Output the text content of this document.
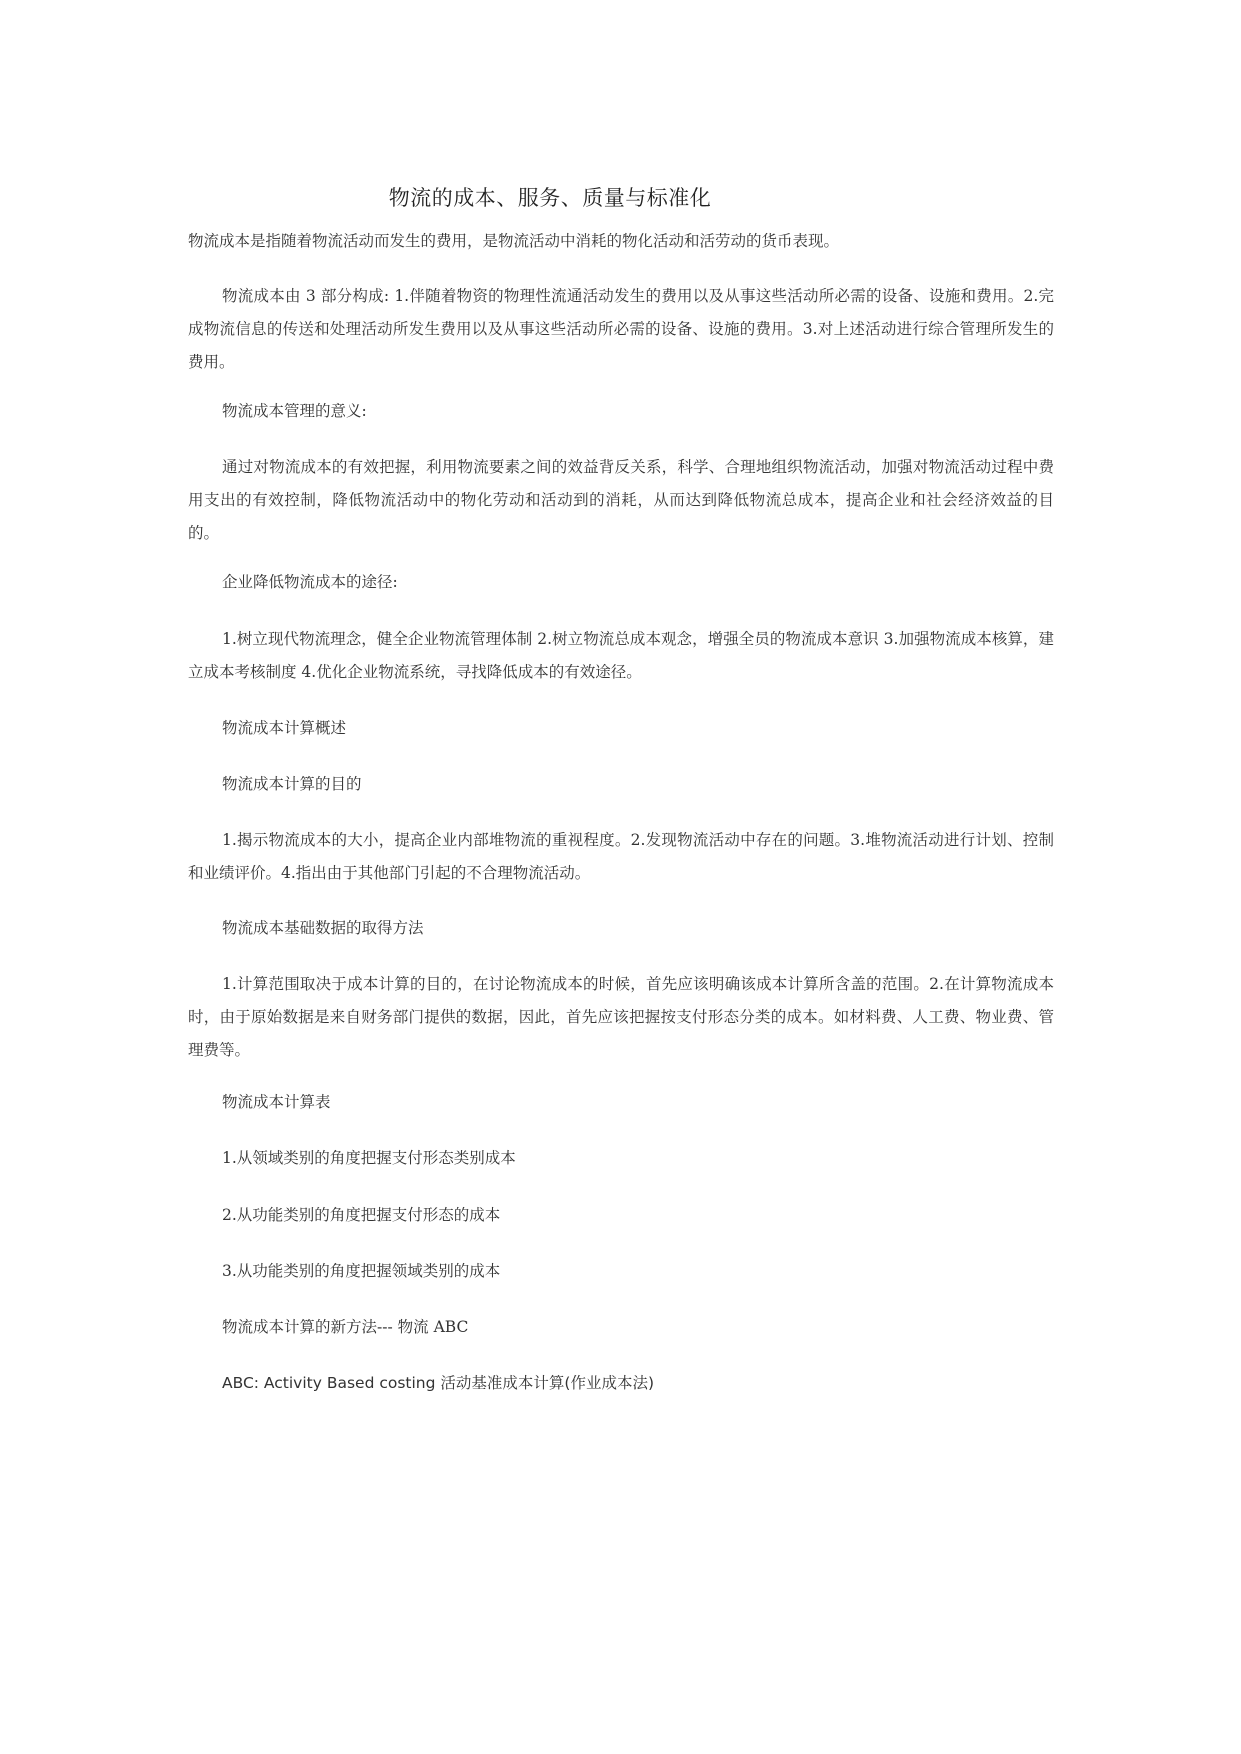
物流的成本、服务、质量与标准化
物流成本是指随着物流活动而发生的费用，是物流活动中消耗的物化活动和活劳动的货币表现。
物流成本由 3 部分构成: 1.伴随着物资的物理性流通活动发生的费用以及从事这些活动所必需的设备、设施和费用。2.完成物流信息的传送和处理活动所发生费用以及从事这些活动所必需的设备、设施的费用。3.对上述活动进行综合管理所发生的费用。
物流成本管理的意义:
通过对物流成本的有效把握，利用物流要素之间的效益背反关系，科学、合理地组织物流活动，加强对物流活动过程中费用支出的有效控制，降低物流活动中的物化劳动和活动到的消耗，从而达到降低物流总成本，提高企业和社会经济效益的目的。
企业降低物流成本的途径:
1.树立现代物流理念，健全企业物流管理体制 2.树立物流总成本观念，增强全员的物流成本意识 3.加强物流成本核算，建立成本考核制度 4.优化企业物流系统，寻找降低成本的有效途径。
物流成本计算概述
物流成本计算的目的
1.揭示物流成本的大小，提高企业内部堆物流的重视程度。2.发现物流活动中存在的问题。3.堆物流活动进行计划、控制和业绩评价。4.指出由于其他部门引起的不合理物流活动。
物流成本基础数据的取得方法
1.计算范围取决于成本计算的目的，在讨论物流成本的时候，首先应该明确该成本计算所含盖的范围。2.在计算物流成本时，由于原始数据是来自财务部门提供的数据，因此，首先应该把握按支付形态分类的成本。如材料费、人工费、物业费、管理费等。
物流成本计算表
1.从领域类别的角度把握支付形态类别成本
2.从功能类别的角度把握支付形态的成本
3.从功能类别的角度把握领域类别的成本
物流成本计算的新方法--- 物流 ABC
ABC: Activity Based costing 活动基准成本计算(作业成本法)
